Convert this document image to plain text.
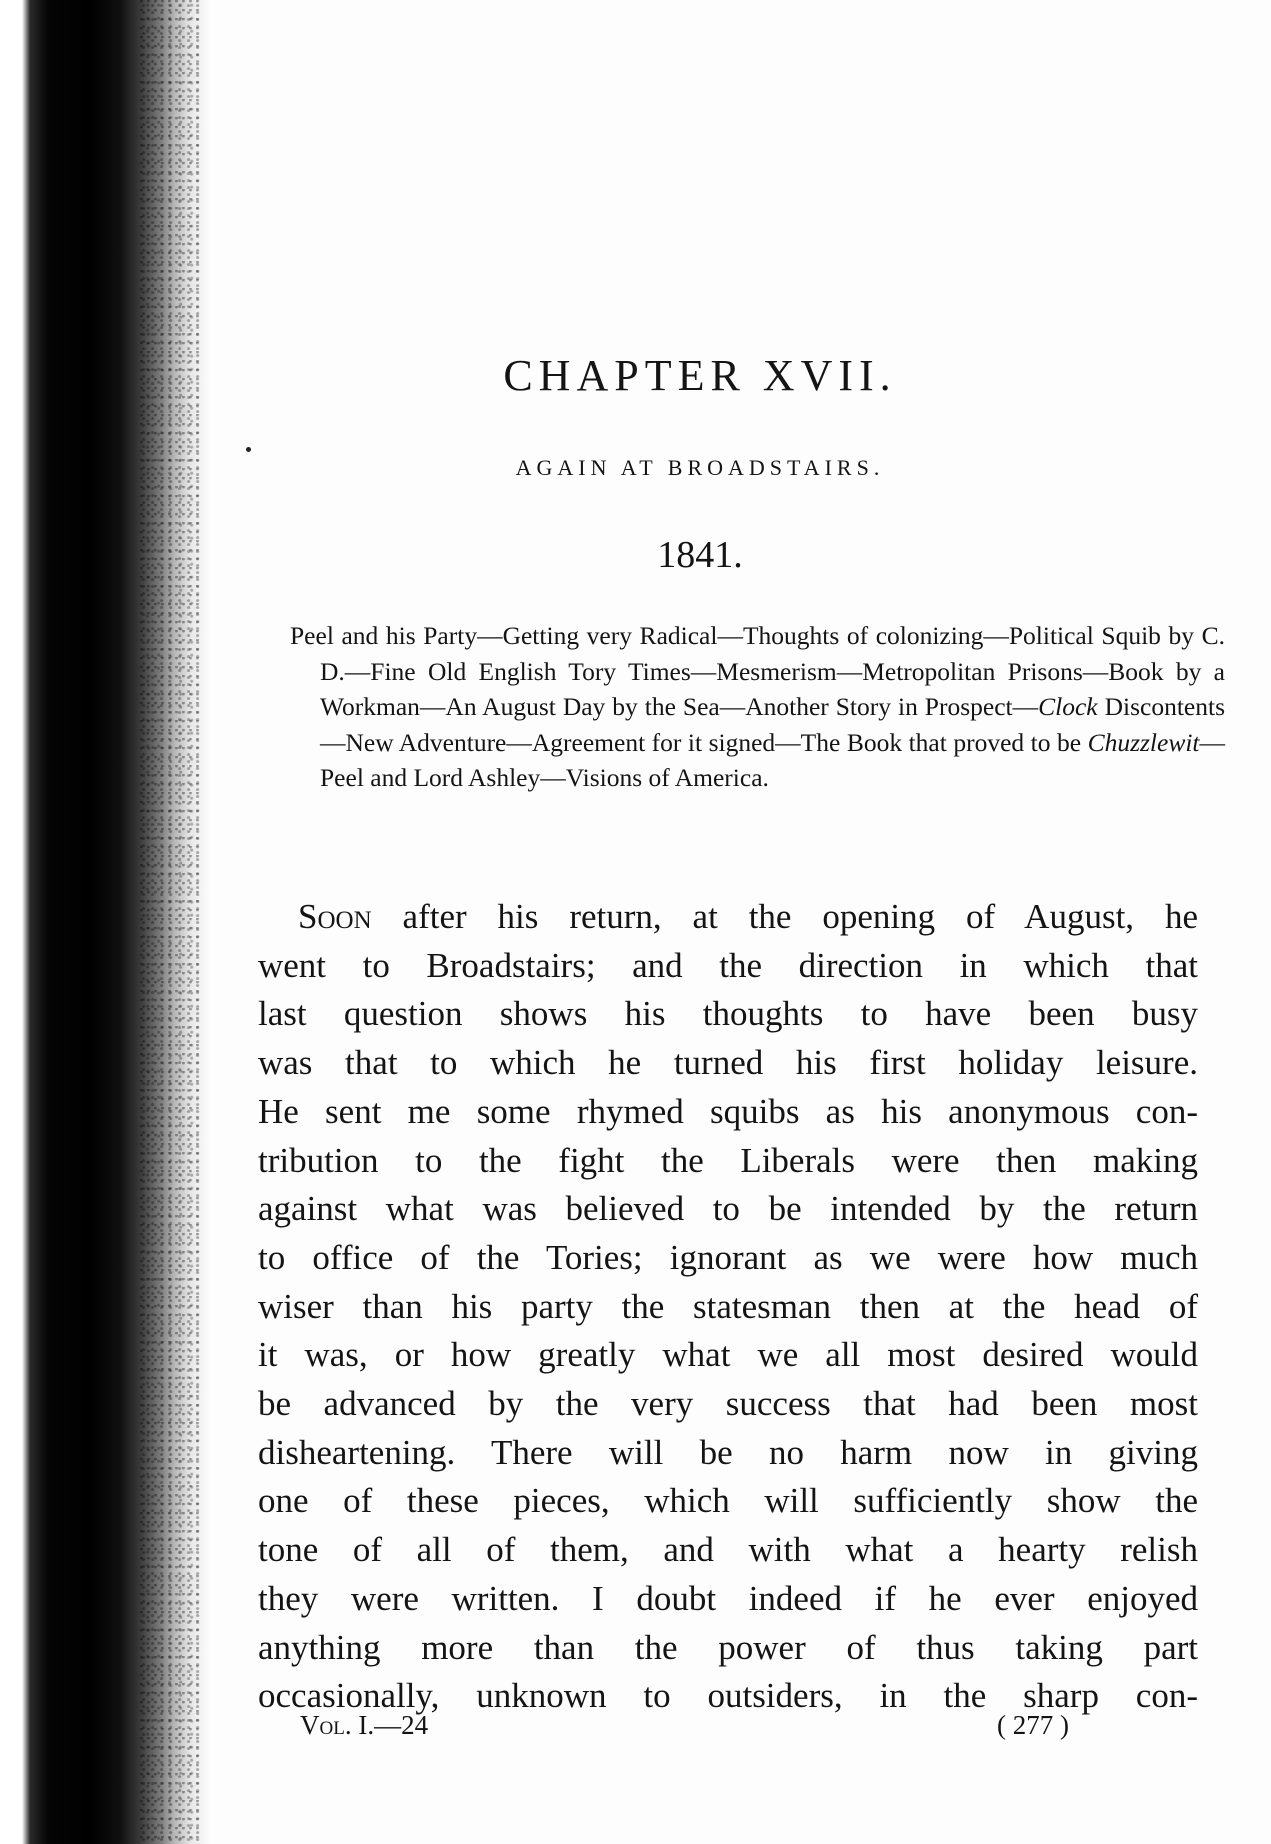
CHAPTER XVII.
AGAIN AT BROADSTAIRS.
1841.

Peel and his Party—Getting very Radical—Thoughts of colonizing—Political Squib by C. D.—Fine Old English Tory Times—Mesmerism—Metropolitan Prisons—Book by a Workman—An August Day by the Sea—Another Story in Prospect—Clock Discontents—New Adventure—Agreement for it signed—The Book that proved to be Chuzzlewit—Peel and Lord Ashley—Visions of America.

Soon after his return, at the opening of August, he
went to Broadstairs; and the direction in which that
last question shows his thoughts to have been busy
was that to which he turned his first holiday leisure.
He sent me some rhymed squibs as his anonymous con-
tribution to the fight the Liberals were then making
against what was believed to be intended by the return
to office of the Tories; ignorant as we were how much
wiser than his party the statesman then at the head of
it was, or how greatly what we all most desired would
be advanced by the very success that had been most
disheartening. There will be no harm now in giving
one of these pieces, which will sufficiently show the
tone of all of them, and with what a hearty relish
they were written. I doubt indeed if he ever enjoyed
anything more than the power of thus taking part
occasionally, unknown to outsiders, in the sharp con-
Vol. I.—24	( 277 )
